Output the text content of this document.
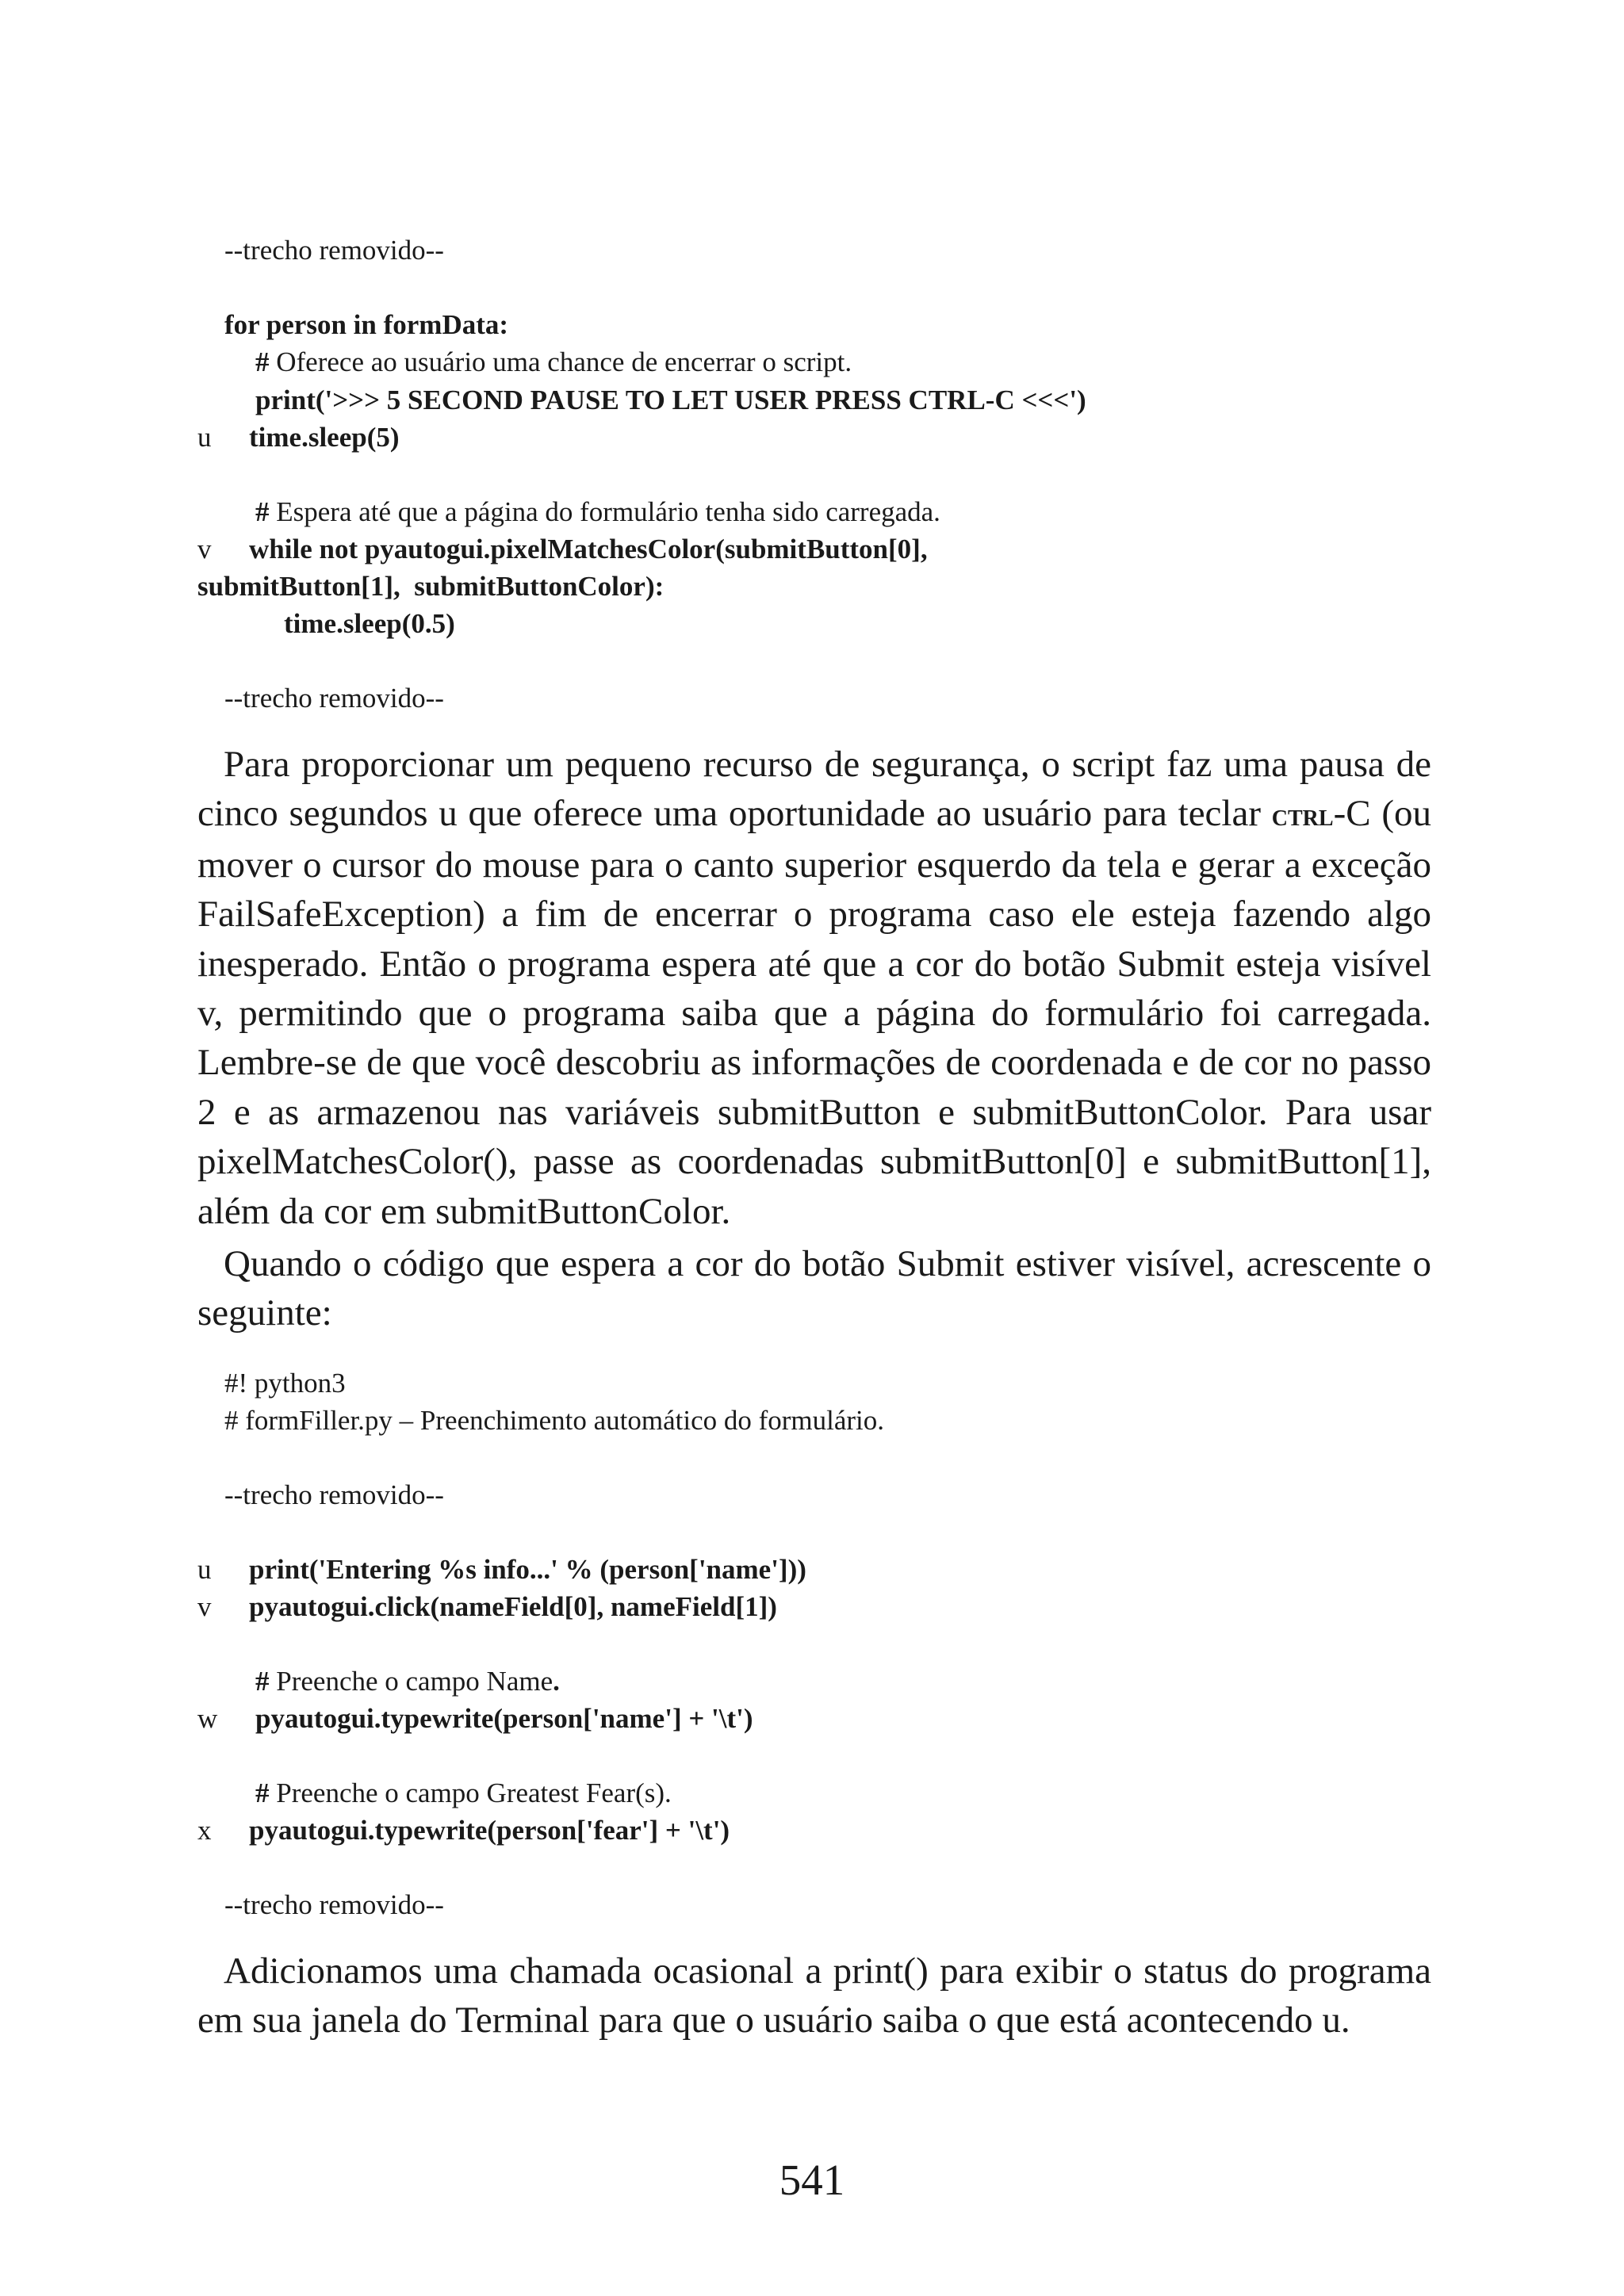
--trecho removido--
for person in formData:
# Oferece ao usuário uma chance de encerrar o script.
print('>>> 5 SECOND PAUSE TO LET USER PRESS CTRL-C <<<')
u time.sleep(5)
# Espera até que a página do formulário tenha sido carregada.
v while not pyautogui.pixelMatchesColor(submitButton[0],
submitButton[1],  submitButtonColor):
time.sleep(0.5)
--trecho removido--
Para proporcionar um pequeno recurso de segurança, o script faz uma pausa de cinco segundos u que oferece uma oportunidade ao usuário para teclar ctrl-C (ou mover o cursor do mouse para o canto superior esquerdo da tela e gerar a exceção FailSafeException) a fim de encerrar o programa caso ele esteja fazendo algo inesperado. Então o programa espera até que a cor do botão Submit esteja visível v, permitindo que o programa saiba que a página do formulário foi carregada. Lembre-se de que você descobriu as informações de coordenada e de cor no passo 2 e as armazenou nas variáveis submitButton e submitButtonColor. Para usar pixelMatchesColor(), passe as coordenadas submitButton[0] e submitButton[1], além da cor em submitButtonColor.
Quando o código que espera a cor do botão Submit estiver visível, acrescente o seguinte:
#! python3
# formFiller.py – Preenchimento automático do formulário.
--trecho removido--
u print('Entering %s info...' % (person['name']))
v pyautogui.click(nameField[0], nameField[1])
# Preenche o campo Name.
w pyautogui.typewrite(person['name'] + '\t')
# Preenche o campo Greatest Fear(s).
x pyautogui.typewrite(person['fear'] + '\t')
--trecho removido--
Adicionamos uma chamada ocasional a print() para exibir o status do programa em sua janela do Terminal para que o usuário saiba o que está acontecendo u.
541
